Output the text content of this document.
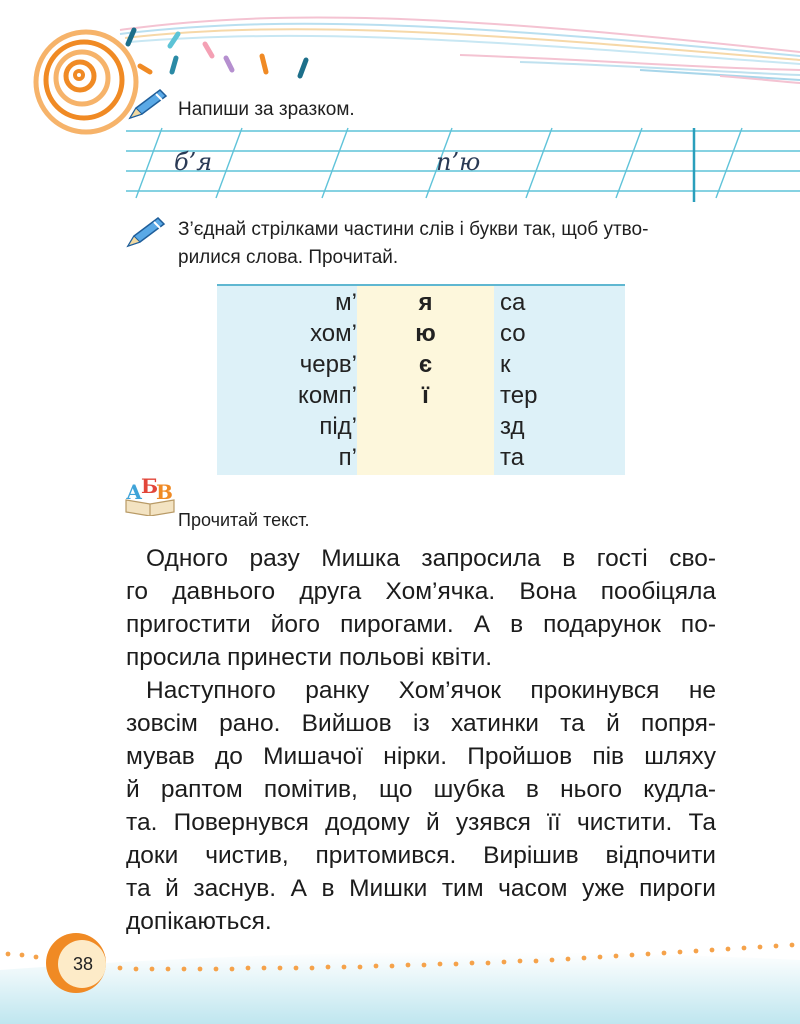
Напиши за зразком.
б’я	п’ю
З’єднай стрілками частини слів і букви так, щоб утво-
рилися слова. Прочитай.
м’
хом’
черв’
комп’
під’
п’
я
ю
є
ї
са
со
к
тер
зд
та
А
Б
В
Прочитай текст.
Одного разу Мишка запросила в гості сво-
го давнього друга Хом’ячка. Вона пообіцяла
пригостити його пирогами. А в подарунок по-
просила принести польові квіти.
Наступного ранку Хом’ячок прокинувся не
зовсім рано. Вийшов із хатинки та й попря-
мував до Мишачої нірки. Пройшов пів шляху
й раптом помітив, що шубка в нього кудла-
та. Повернувся додому й узявся її чистити. Та
доки чистив, притомився. Вирішив відпочити
та й заснув. А в Мишки тим часом уже пироги
допікаються.
38
